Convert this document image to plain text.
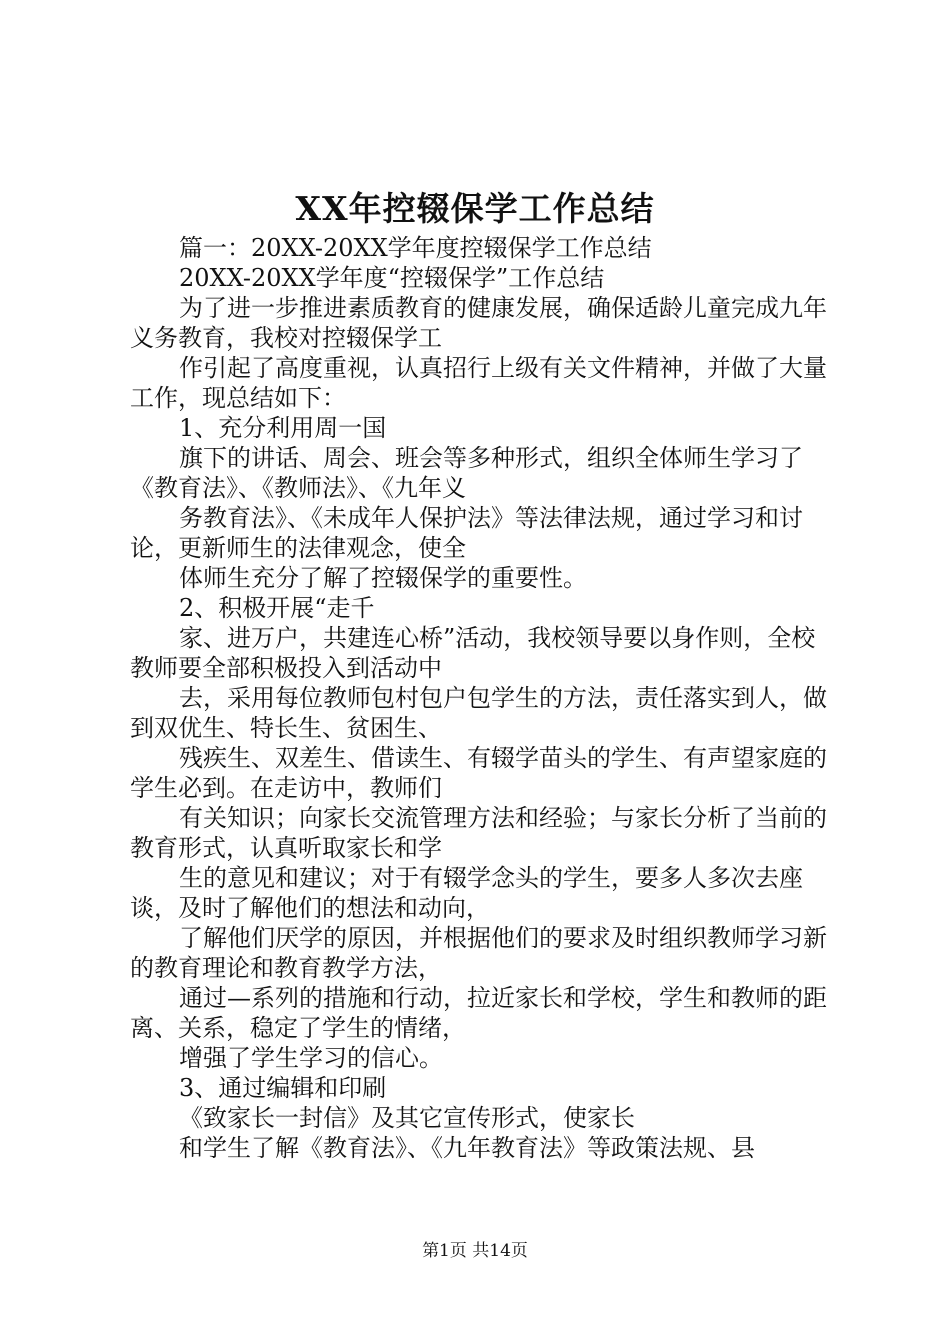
XX年控辍保学工作总结
篇一：20XX-20XX学年度控辍保学工作总结
20XX-20XX学年度“控辍保学”工作总结
为了进一步推进素质教育的健康发展，确保适龄儿童完成九年义务教育，我校对控辍保学工
作引起了高度重视，认真招行上级有关文件精神，并做了大量工作，现总结如下：
1、充分利用周一国
旗下的讲话、周会、班会等多种形式，组织全体师生学习了《教育法》、《教师法》、《九年义
务教育法》、《未成年人保护法》等法律法规，通过学习和讨论，更新师生的法律观念，使全
体师生充分了解了控辍保学的重要性。
2、积极开展“走千
家、进万户，共建连心桥”活动，我校领导要以身作则，全校教师要全部积极投入到活动中
去，采用每位教师包村包户包学生的方法，责任落实到人，做到双优生、特长生、贫困生、
残疾生、双差生、借读生、有辍学苗头的学生、有声望家庭的学生必到。在走访中，教师们
有关知识；向家长交流管理方法和经验；与家长分析了当前的教育形式，认真听取家长和学
生的意见和建议；对于有辍学念头的学生，要多人多次去座谈，及时了解他们的想法和动向，
了解他们厌学的原因，并根据他们的要求及时组织教师学习新的教育理论和教育教学方法，
通过—系列的措施和行动，拉近家长和学校，学生和教师的距离、关系，稳定了学生的情绪，
增强了学生学习的信心。
3、通过编辑和印刷
《致家长一封信》及其它宣传形式，使家长
和学生了解《教育法》、《九年教育法》等政策法规、县
第1页 共14页
